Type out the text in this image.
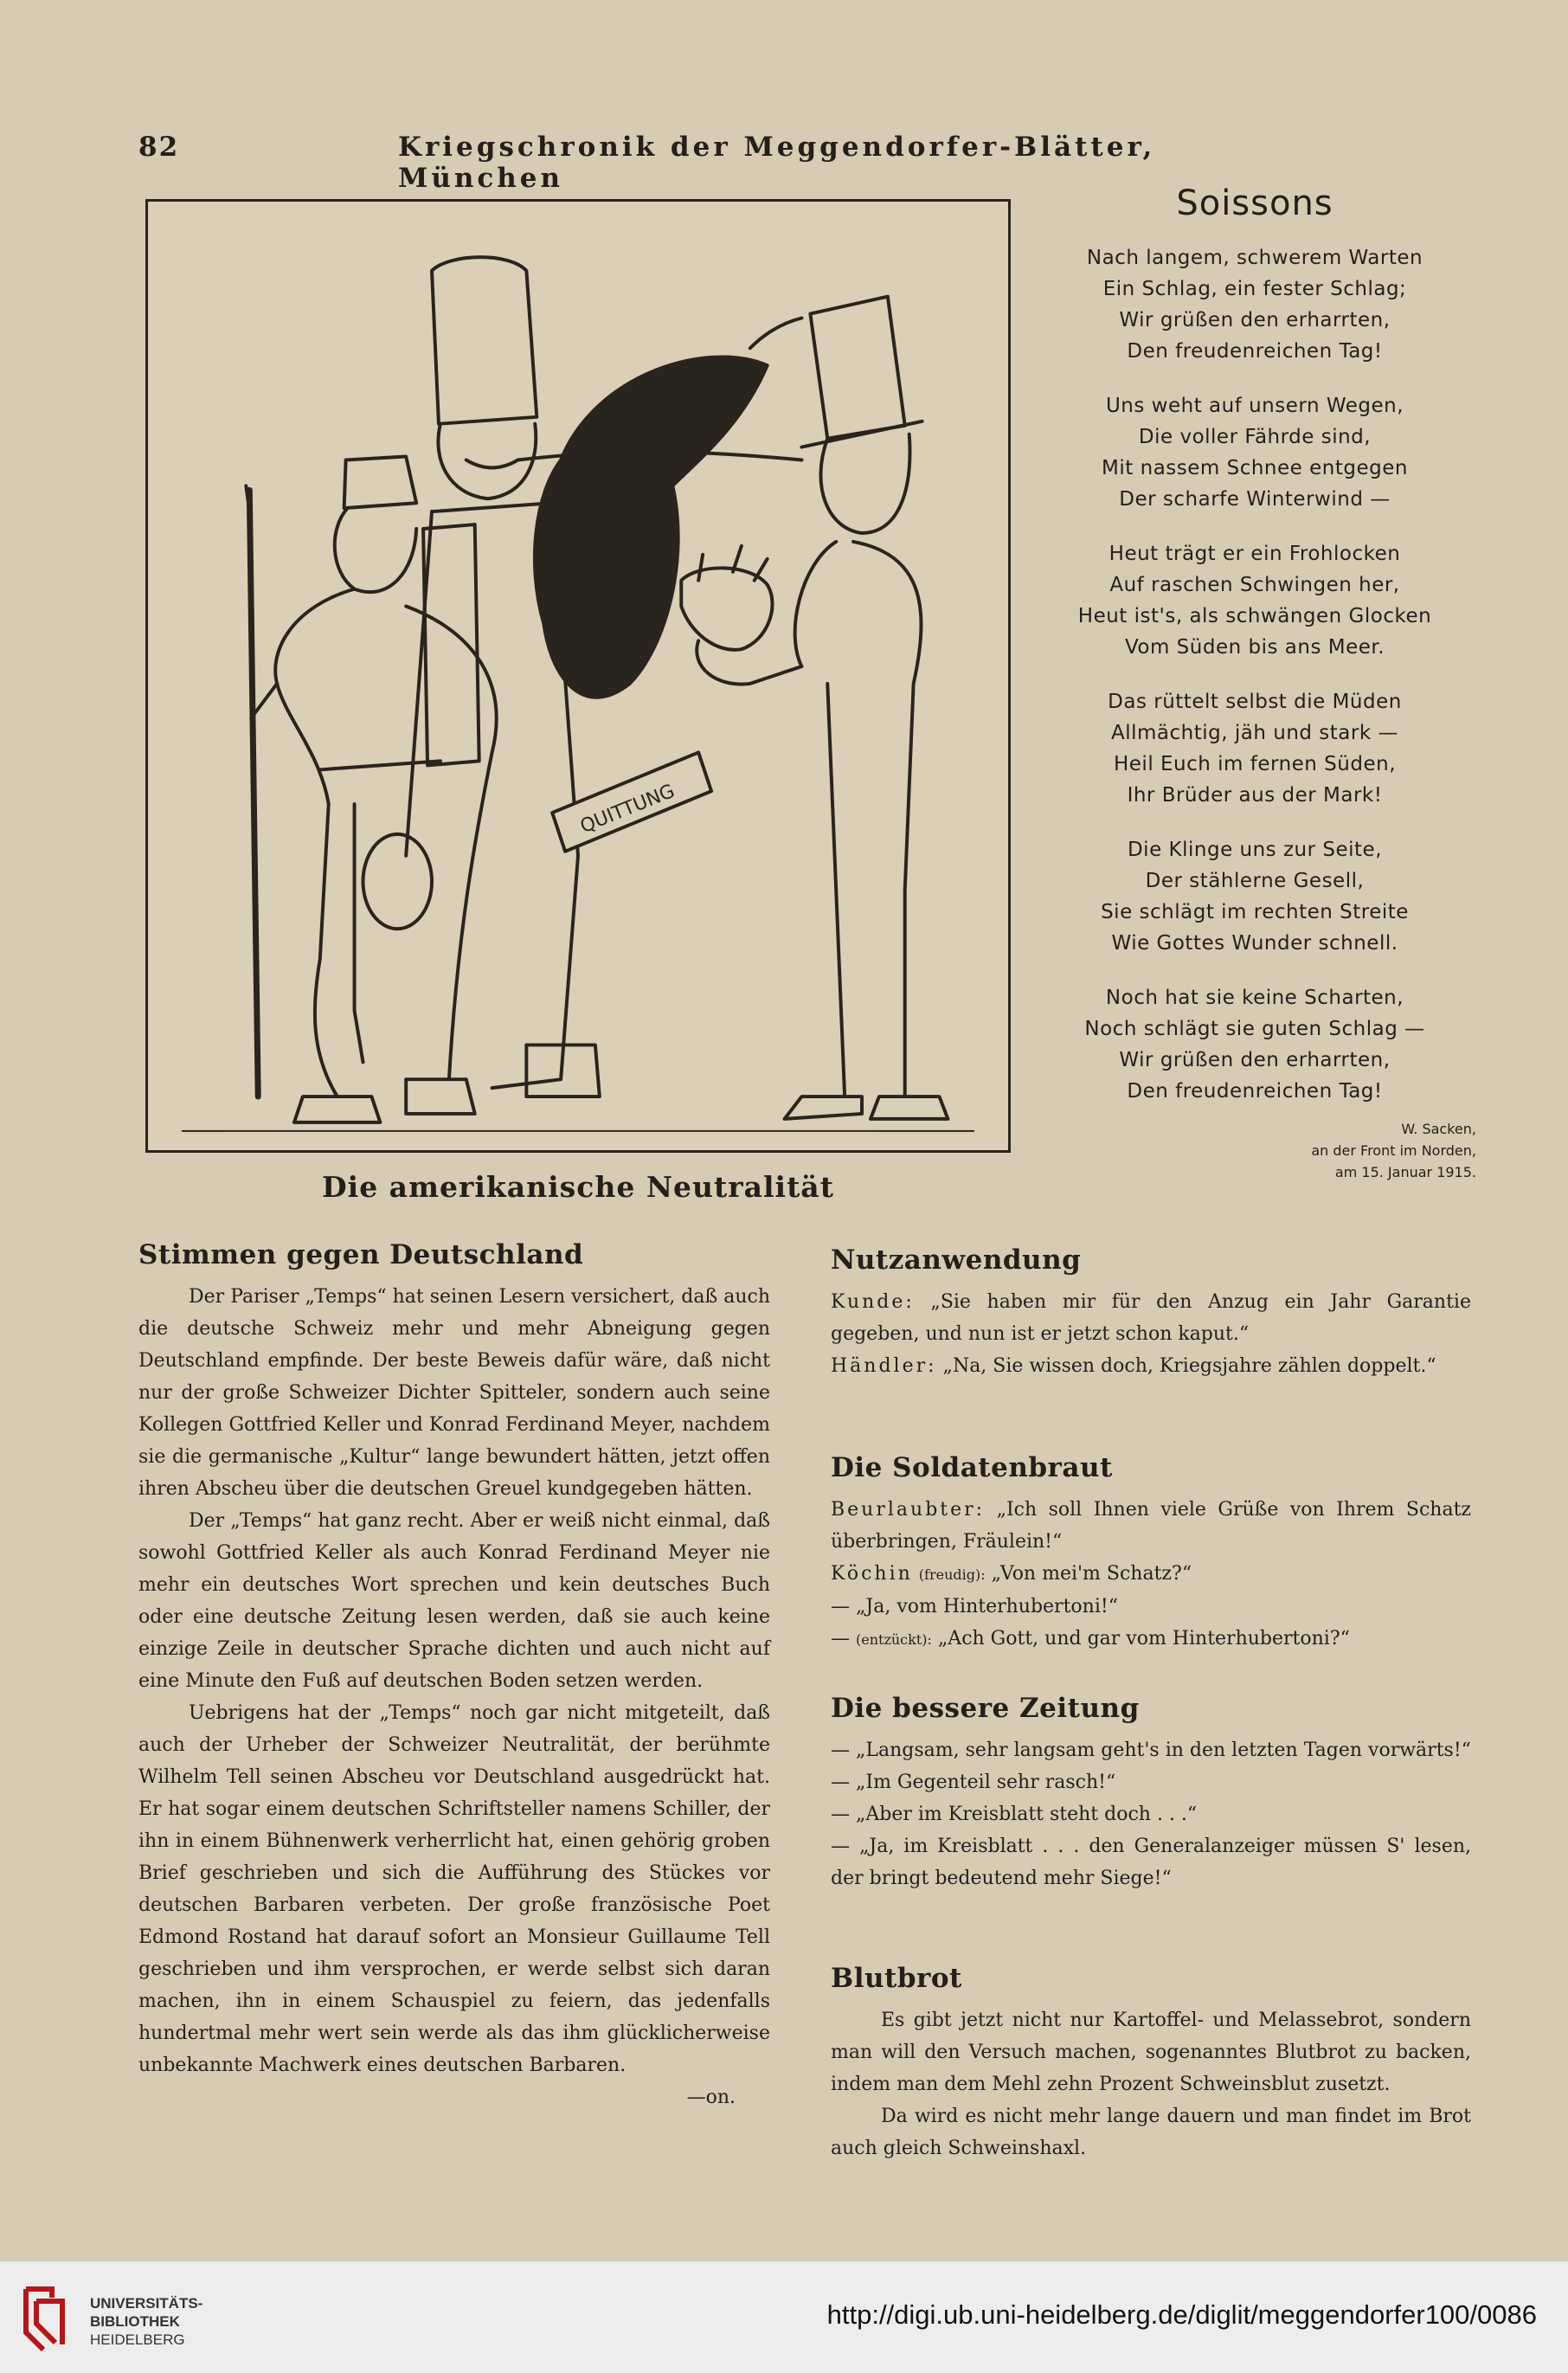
82	Kriegschronik der Meggendorfer-Blätter, München
QUITTUNG
Die amerikanische Neutralität
Soissons
Nach langem, schwerem Warten
Ein Schlag, ein fester Schlag;
Wir grüßen den erharrten,
Den freudenreichen Tag!
Uns weht auf unsern Wegen,
Die voller Fährde sind,
Mit nassem Schnee entgegen
Der scharfe Winterwind —
Heut trägt er ein Frohlocken
Auf raschen Schwingen her,
Heut ist's, als schwängen Glocken
Vom Süden bis ans Meer.
Das rüttelt selbst die Müden
Allmächtig, jäh und stark —
Heil Euch im fernen Süden,
Ihr Brüder aus der Mark!
Die Klinge uns zur Seite,
Der stählerne Gesell,
Sie schlägt im rechten Streite
Wie Gottes Wunder schnell.
Noch hat sie keine Scharten,
Noch schlägt sie guten Schlag —
Wir grüßen den erharrten,
Den freudenreichen Tag!
W. Sacken,
an der Front im Norden,
am 15. Januar 1915.
Stimmen gegen Deutschland

Der Pariser „Temps“ hat seinen Lesern versichert, daß auch die deutsche Schweiz mehr und mehr Abneigung gegen Deutschland empfinde. Der beste Beweis dafür wäre, daß nicht nur der große Schweizer Dichter Spitteler, sondern auch seine Kollegen Gottfried Keller und Konrad Ferdinand Meyer, nachdem sie die germanische „Kultur“ lange bewundert hätten, jetzt offen ihren Abscheu über die deutschen Greuel kundgegeben hätten.

Der „Temps“ hat ganz recht. Aber er weiß nicht einmal, daß sowohl Gottfried Keller als auch Konrad Ferdinand Meyer nie mehr ein deutsches Wort sprechen und kein deutsches Buch oder eine deutsche Zeitung lesen werden, daß sie auch keine einzige Zeile in deutscher Sprache dichten und auch nicht auf eine Minute den Fuß auf deutschen Boden setzen werden.

Uebrigens hat der „Temps“ noch gar nicht mitgeteilt, daß auch der Urheber der Schweizer Neutralität, der berühmte Wilhelm Tell seinen Abscheu vor Deutschland ausgedrückt hat. Er hat sogar einem deutschen Schriftsteller namens Schiller, der ihn in einem Bühnenwerk verherrlicht hat, einen gehörig groben Brief geschrieben und sich die Aufführung des Stückes vor deutschen Barbaren verbeten. Der große französische Poet Edmond Rostand hat darauf sofort an Monsieur Guillaume Tell geschrieben und ihm versprochen, er werde selbst sich daran machen, ihn in einem Schauspiel zu feiern, das jedenfalls hundertmal mehr wert sein werde als das ihm glücklicherweise unbekannte Machwerk eines deutschen Barbaren.
—on.

Nutzanwendung

Kunde: „Sie haben mir für den Anzug ein Jahr Garantie gegeben, und nun ist er jetzt schon kaput.“

Händler: „Na, Sie wissen doch, Kriegsjahre zählen doppelt.“

Die Soldatenbraut

Beurlaubter: „Ich soll Ihnen viele Grüße von Ihrem Schatz überbringen, Fräulein!“

Köchin (freudig): „Von mei'm Schatz?“

— „Ja, vom Hinterhubertoni!“

— (entzückt): „Ach Gott, und gar vom Hinterhubertoni?“

Die bessere Zeitung

— „Langsam, sehr langsam geht's in den letzten Tagen vorwärts!“

— „Im Gegenteil sehr rasch!“

— „Aber im Kreisblatt steht doch . . .“

— „Ja, im Kreisblatt . . . den Generalanzeiger müssen S' lesen, der bringt bedeutend mehr Siege!“

Blutbrot

Es gibt jetzt nicht nur Kartoffel- und Melassebrot, sondern man will den Versuch machen, sogenanntes Blutbrot zu backen, indem man dem Mehl zehn Prozent Schweinsblut zusetzt.

Da wird es nicht mehr lange dauern und man findet im Brot auch gleich Schweinshaxl.

UNIVERSITÄTS-
BIBLIOTHEK
HEIDELBERG
http://digi.ub.uni-heidelberg.de/diglit/meggendorfer100/0086
